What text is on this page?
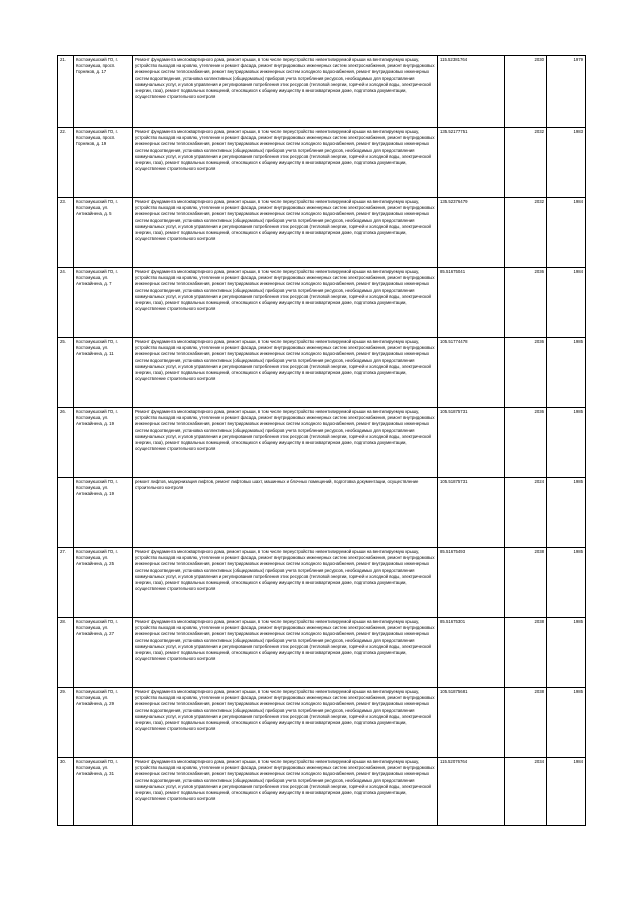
21.	Костомукшский ГО, г. Костомукша, просп. Горняков, д. 17	Ремонт фундамента многоквартирного дома, ремонт крыши, в том числе переустройство невентилируемой крыши на вентилируемую крышу, устройство выходов на кровлю, утепление и ремонт фасада, ремонт внутридомовых инженерных систем электроснабжения, ремонт внутридомовых инженерных систем теплоснабжения, ремонт внутридомовых инженерных систем холодного водоснабжения, ремонт внутридомовых инженерных систем водоотведения, установка коллективных (общедомовых) приборов учета потребления ресурсов, необходимых для предоставления коммунальных услуг, и узлов управления и регулирования потребления этих ресурсов (тепловой энергии, горячей и холодной воды, электрической энергии, газа), ремонт подвальных помещений, относящихся к общему имуществу в многоквартирном доме, подготовка документации, осуществление строительного контроля	115.52381764	2030	1979
22.	Костомукшский ГО, г. Костомукша, просп. Горняков, д. 19	Ремонт фундамента многоквартирного дома, ремонт крыши, в том числе переустройство невентилируемой крыши на вентилируемую крышу, устройство выходов на кровлю, утепление и ремонт фасада, ремонт внутридомовых инженерных систем электроснабжения, ремонт внутридомовых инженерных систем теплоснабжения, ремонт внутридомовых инженерных систем холодного водоснабжения, ремонт внутридомовых инженерных систем водоотведения, установка коллективных (общедомовых) приборов учета потребления ресурсов, необходимых для предоставления коммунальных услуг, и узлов управления и регулирования потребления этих ресурсов (тепловой энергии, горячей и холодной воды, электрической энергии, газа), ремонт подвальных помещений, относящихся к общему имуществу в многоквартирном доме, подготовка документации, осуществление строительного контроля	135.52177751	2032	1983
23.	Костомукшский ГО, г. Костомукша, ул. Антикайнена, д. 5	Ремонт фундамента многоквартирного дома, ремонт крыши, в том числе переустройство невентилируемой крыши на вентилируемую крышу, устройство выходов на кровлю, утепление и ремонт фасада, ремонт внутридомовых инженерных систем электроснабжения, ремонт внутридомовых инженерных систем теплоснабжения, ремонт внутридомовых инженерных систем холодного водоснабжения, ремонт внутридомовых инженерных систем водоотведения, установка коллективных (общедомовых) приборов учета потребления ресурсов, необходимых для предоставления коммунальных услуг, и узлов управления и регулирования потребления этих ресурсов (тепловой энергии, горячей и холодной воды, электрической энергии, газа), ремонт подвальных помещений, относящихся к общему имуществу в многоквартирном доме, подготовка документации, осуществление строительного контроля	135.52376479	2032	1984
24.	Костомукшский ГО, г. Костомукша, ул. Антикайнена, д. 7	Ремонт фундамента многоквартирного дома, ремонт крыши, в том числе переустройство невентилируемой крыши на вентилируемую крышу, устройство выходов на кровлю, утепление и ремонт фасада, ремонт внутридомовых инженерных систем электроснабжения, ремонт внутридомовых инженерных систем теплоснабжения, ремонт внутридомовых инженерных систем холодного водоснабжения, ремонт внутридомовых инженерных систем водоотведения, установка коллективных (общедомовых) приборов учета потребления ресурсов, необходимых для предоставления коммунальных услуг, и узлов управления и регулирования потребления этих ресурсов (тепловой энергии, горячей и холодной воды, электрической энергии, газа), ремонт подвальных помещений, относящихся к общему имуществу в многоквартирном доме, подготовка документации, осуществление строительного контроля	85.51675041	2036	1984
25.	Костомукшский ГО, г. Костомукша, ул. Антикайнена, д. 11	Ремонт фундамента многоквартирного дома, ремонт крыши, в том числе переустройство невентилируемой крыши на вентилируемую крышу, устройство выходов на кровлю, утепление и ремонт фасада, ремонт внутридомовых инженерных систем электроснабжения, ремонт внутридомовых инженерных систем теплоснабжения, ремонт внутридомовых инженерных систем холодного водоснабжения, ремонт внутридомовых инженерных систем водоотведения, установка коллективных (общедомовых) приборов учета потребления ресурсов, необходимых для предоставления коммунальных услуг, и узлов управления и регулирования потребления этих ресурсов (тепловой энергии, горячей и холодной воды, электрической энергии, газа), ремонт подвальных помещений, относящихся к общему имуществу в многоквартирном доме, подготовка документации, осуществление строительного контроля	105.51774478	2036	1985
26.	Костомукшский ГО, г. Костомукша, ул. Антикайнена, д. 19	Ремонт фундамента многоквартирного дома, ремонт крыши, в том числе переустройство невентилируемой крыши на вентилируемую крышу, устройство выходов на кровлю, утепление и ремонт фасада, ремонт внутридомовых инженерных систем электроснабжения, ремонт внутридомовых инженерных систем теплоснабжения, ремонт внутридомовых инженерных систем холодного водоснабжения, ремонт внутридомовых инженерных систем водоотведения, установка коллективных (общедомовых) приборов учета потребления ресурсов, необходимых для предоставления коммунальных услуг, и узлов управления и регулирования потребления этих ресурсов (тепловой энергии, горячей и холодной воды, электрической энергии, газа), ремонт подвальных помещений, относящихся к общему имуществу в многоквартирном доме, подготовка документации, осуществление строительного контроля	105.51875731	2036	1985
	Костомукшский ГО, г. Костомукша, ул. Антикайнена, д. 19	ремонт лифтов, модернизация лифтов, ремонт лифтовых шахт, машинных и блочных помещений, подготовка документации, осуществление строительного контроля	105.51875731	2024	1985
27.	Костомукшский ГО, г. Костомукша, ул. Антикайнена, д. 25	Ремонт фундамента многоквартирного дома, ремонт крыши, в том числе переустройство невентилируемой крыши на вентилируемую крышу, устройство выходов на кровлю, утепление и ремонт фасада, ремонт внутридомовых инженерных систем электроснабжения, ремонт внутридомовых инженерных систем теплоснабжения, ремонт внутридомовых инженерных систем холодного водоснабжения, ремонт внутридомовых инженерных систем водоотведения, установка коллективных (общедомовых) приборов учета потребления ресурсов, необходимых для предоставления коммунальных услуг, и узлов управления и регулирования потребления этих ресурсов (тепловой энергии, горячей и холодной воды, электрической энергии, газа), ремонт подвальных помещений, относящихся к общему имуществу в многоквартирном доме, подготовка документации, осуществление строительного контроля	85.51675493	2038	1985
28.	Костомукшский ГО, г. Костомукша, ул. Антикайнена, д. 27	Ремонт фундамента многоквартирного дома, ремонт крыши, в том числе переустройство невентилируемой крыши на вентилируемую крышу, устройство выходов на кровлю, утепление и ремонт фасада, ремонт внутридомовых инженерных систем электроснабжения, ремонт внутридомовых инженерных систем теплоснабжения, ремонт внутридомовых инженерных систем холодного водоснабжения, ремонт внутридомовых инженерных систем водоотведения, установка коллективных (общедомовых) приборов учета потребления ресурсов, необходимых для предоставления коммунальных услуг, и узлов управления и регулирования потребления этих ресурсов (тепловой энергии, горячей и холодной воды, электрической энергии, газа), ремонт подвальных помещений, относящихся к общему имуществу в многоквартирном доме, подготовка документации, осуществление строительного контроля	85.51675301	2038	1985
29.	Костомукшский ГО, г. Костомукша, ул. Антикайнена, д. 29	Ремонт фундамента многоквартирного дома, ремонт крыши, в том числе переустройство невентилируемой крыши на вентилируемую крышу, устройство выходов на кровлю, утепление и ремонт фасада, ремонт внутридомовых инженерных систем электроснабжения, ремонт внутридомовых инженерных систем теплоснабжения, ремонт внутридомовых инженерных систем холодного водоснабжения, ремонт внутридомовых инженерных систем водоотведения, установка коллективных (общедомовых) приборов учета потребления ресурсов, необходимых для предоставления коммунальных услуг, и узлов управления и регулирования потребления этих ресурсов (тепловой энергии, горячей и холодной воды, электрической энергии, газа), ремонт подвальных помещений, относящихся к общему имуществу в многоквартирном доме, подготовка документации, осуществление строительного контроля	105.51875681	2038	1985
30.	Костомукшский ГО, г. Костомукша, ул. Антикайнена, д. 31	Ремонт фундамента многоквартирного дома, ремонт крыши, в том числе переустройство невентилируемой крыши на вентилируемую крышу, устройство выходов на кровлю, утепление и ремонт фасада, ремонт внутридомовых инженерных систем электроснабжения, ремонт внутридомовых инженерных систем теплоснабжения, ремонт внутридомовых инженерных систем холодного водоснабжения, ремонт внутридомовых инженерных систем водоотведения, установка коллективных (общедомовых) приборов учета потребления ресурсов, необходимых для предоставления коммунальных услуг, и узлов управления и регулирования потребления этих ресурсов (тепловой энергии, горячей и холодной воды, электрической энергии, газа), ремонт подвальных помещений, относящихся к общему имуществу в многоквартирном доме, подготовка документации, осуществление строительного контроля	115.52076764	2034	1984
